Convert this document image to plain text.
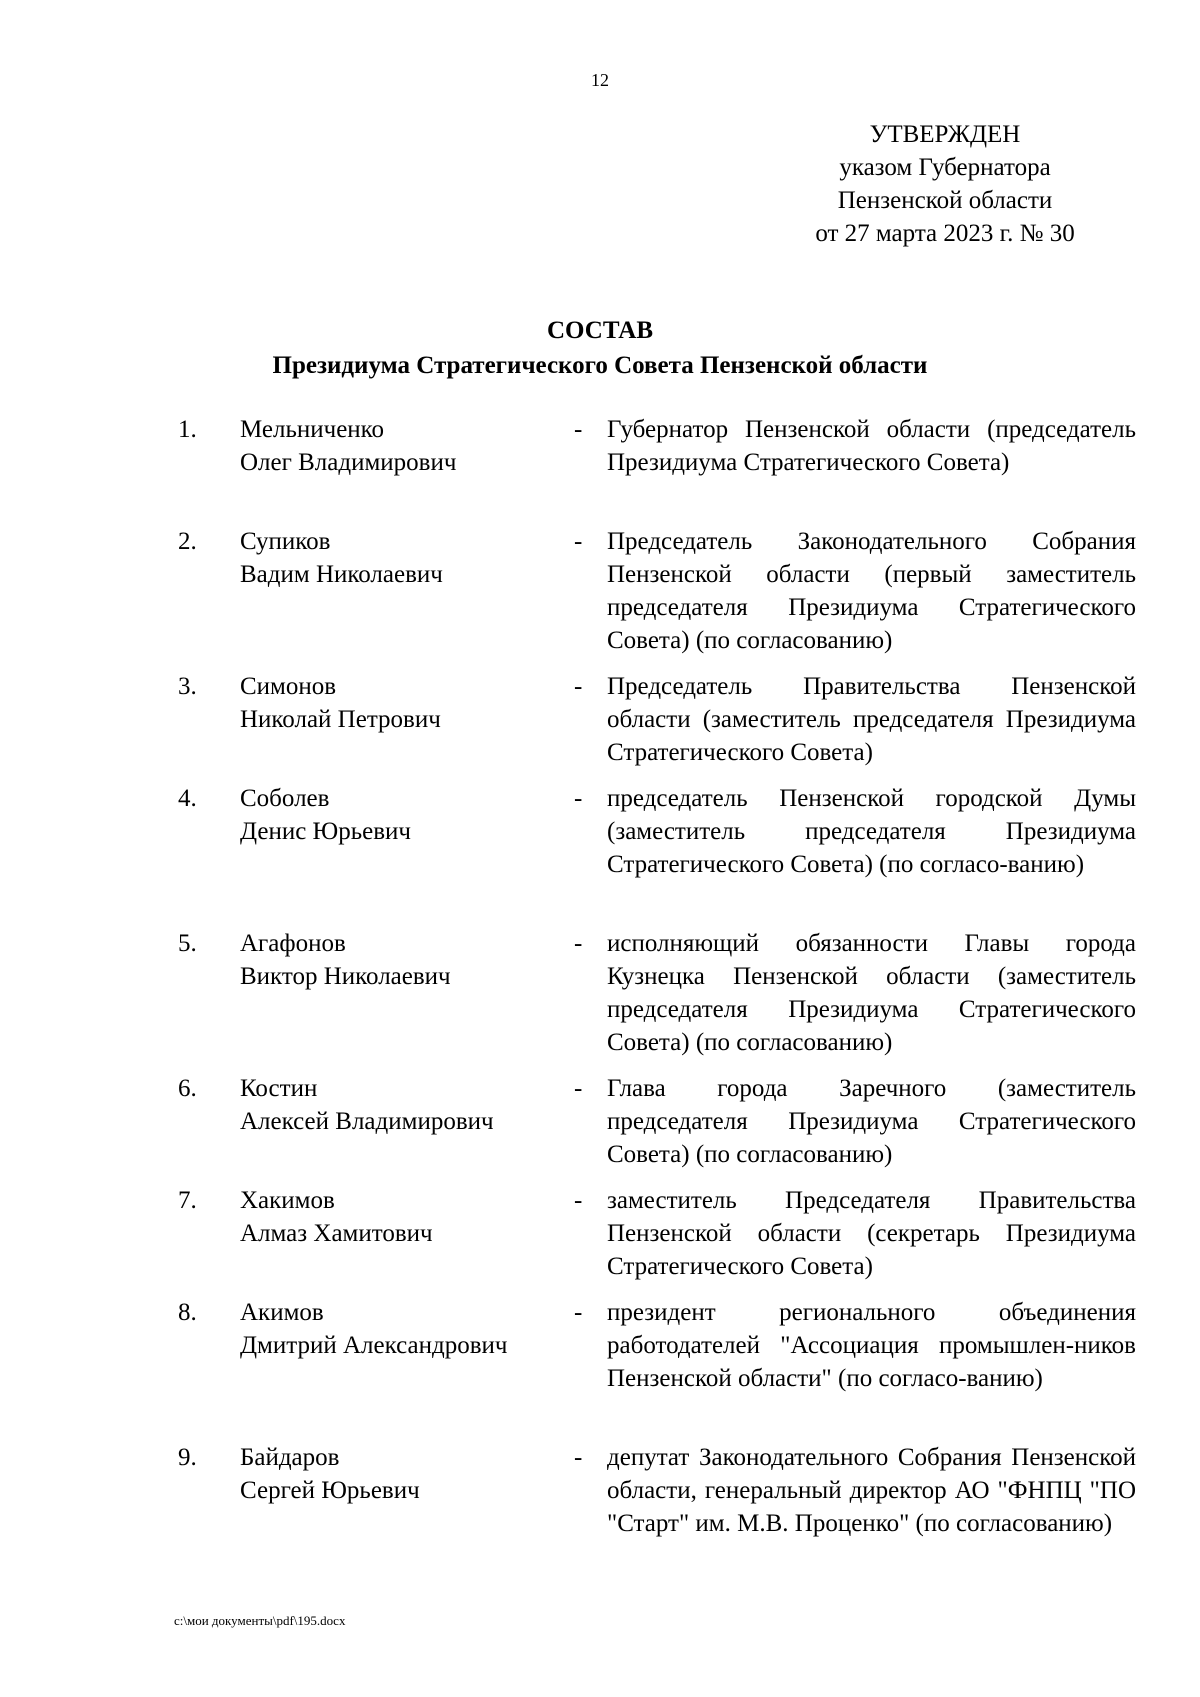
12
УТВЕРЖДЕН
указом Губернатора
Пензенской области
от 27 марта 2023 г. № 30
СОСТАВ
Президиума Стратегического Совета Пензенской области
1.	Мельниченко
Олег Владимирович
- Губернатор Пензенской области (председатель Президиума Стратегического Совета)
2.	Супиков
Вадим Николаевич
- Председатель Законодательного Собрания Пензенской области (первый заместитель председателя Президиума Стратегического Совета) (по согласованию)
3.	Симонов
Николай Петрович
- Председатель Правительства Пензенской области (заместитель председателя Президиума Стратегического Совета)
4.	Соболев
Денис Юрьевич
- председатель Пензенской городской Думы (заместитель председателя Президиума Стратегического Совета) (по согласо-ванию)
5.	Агафонов
Виктор Николаевич
- исполняющий обязанности Главы города Кузнецка Пензенской области (заместитель председателя Президиума Стратегического Совета) (по согласованию)
6.	Костин
Алексей Владимирович
- Глава города Заречного (заместитель председателя Президиума Стратегического Совета) (по согласованию)
7.	Хакимов
Алмаз Хамитович
- заместитель Председателя Правительства Пензенской области (секретарь Президиума Стратегического Совета)
8.	Акимов
Дмитрий Александрович
- президент регионального объединения работодателей "Ассоциация промышлен-ников Пензенской области" (по согласо-ванию)
9.	Байдаров
Сергей Юрьевич
- депутат Законодательного Собрания Пензенской области, генеральный директор АО "ФНПЦ "ПО "Старт" им. М.В. Проценко" (по согласованию)
c:\мои документы\pdf\195.docx
